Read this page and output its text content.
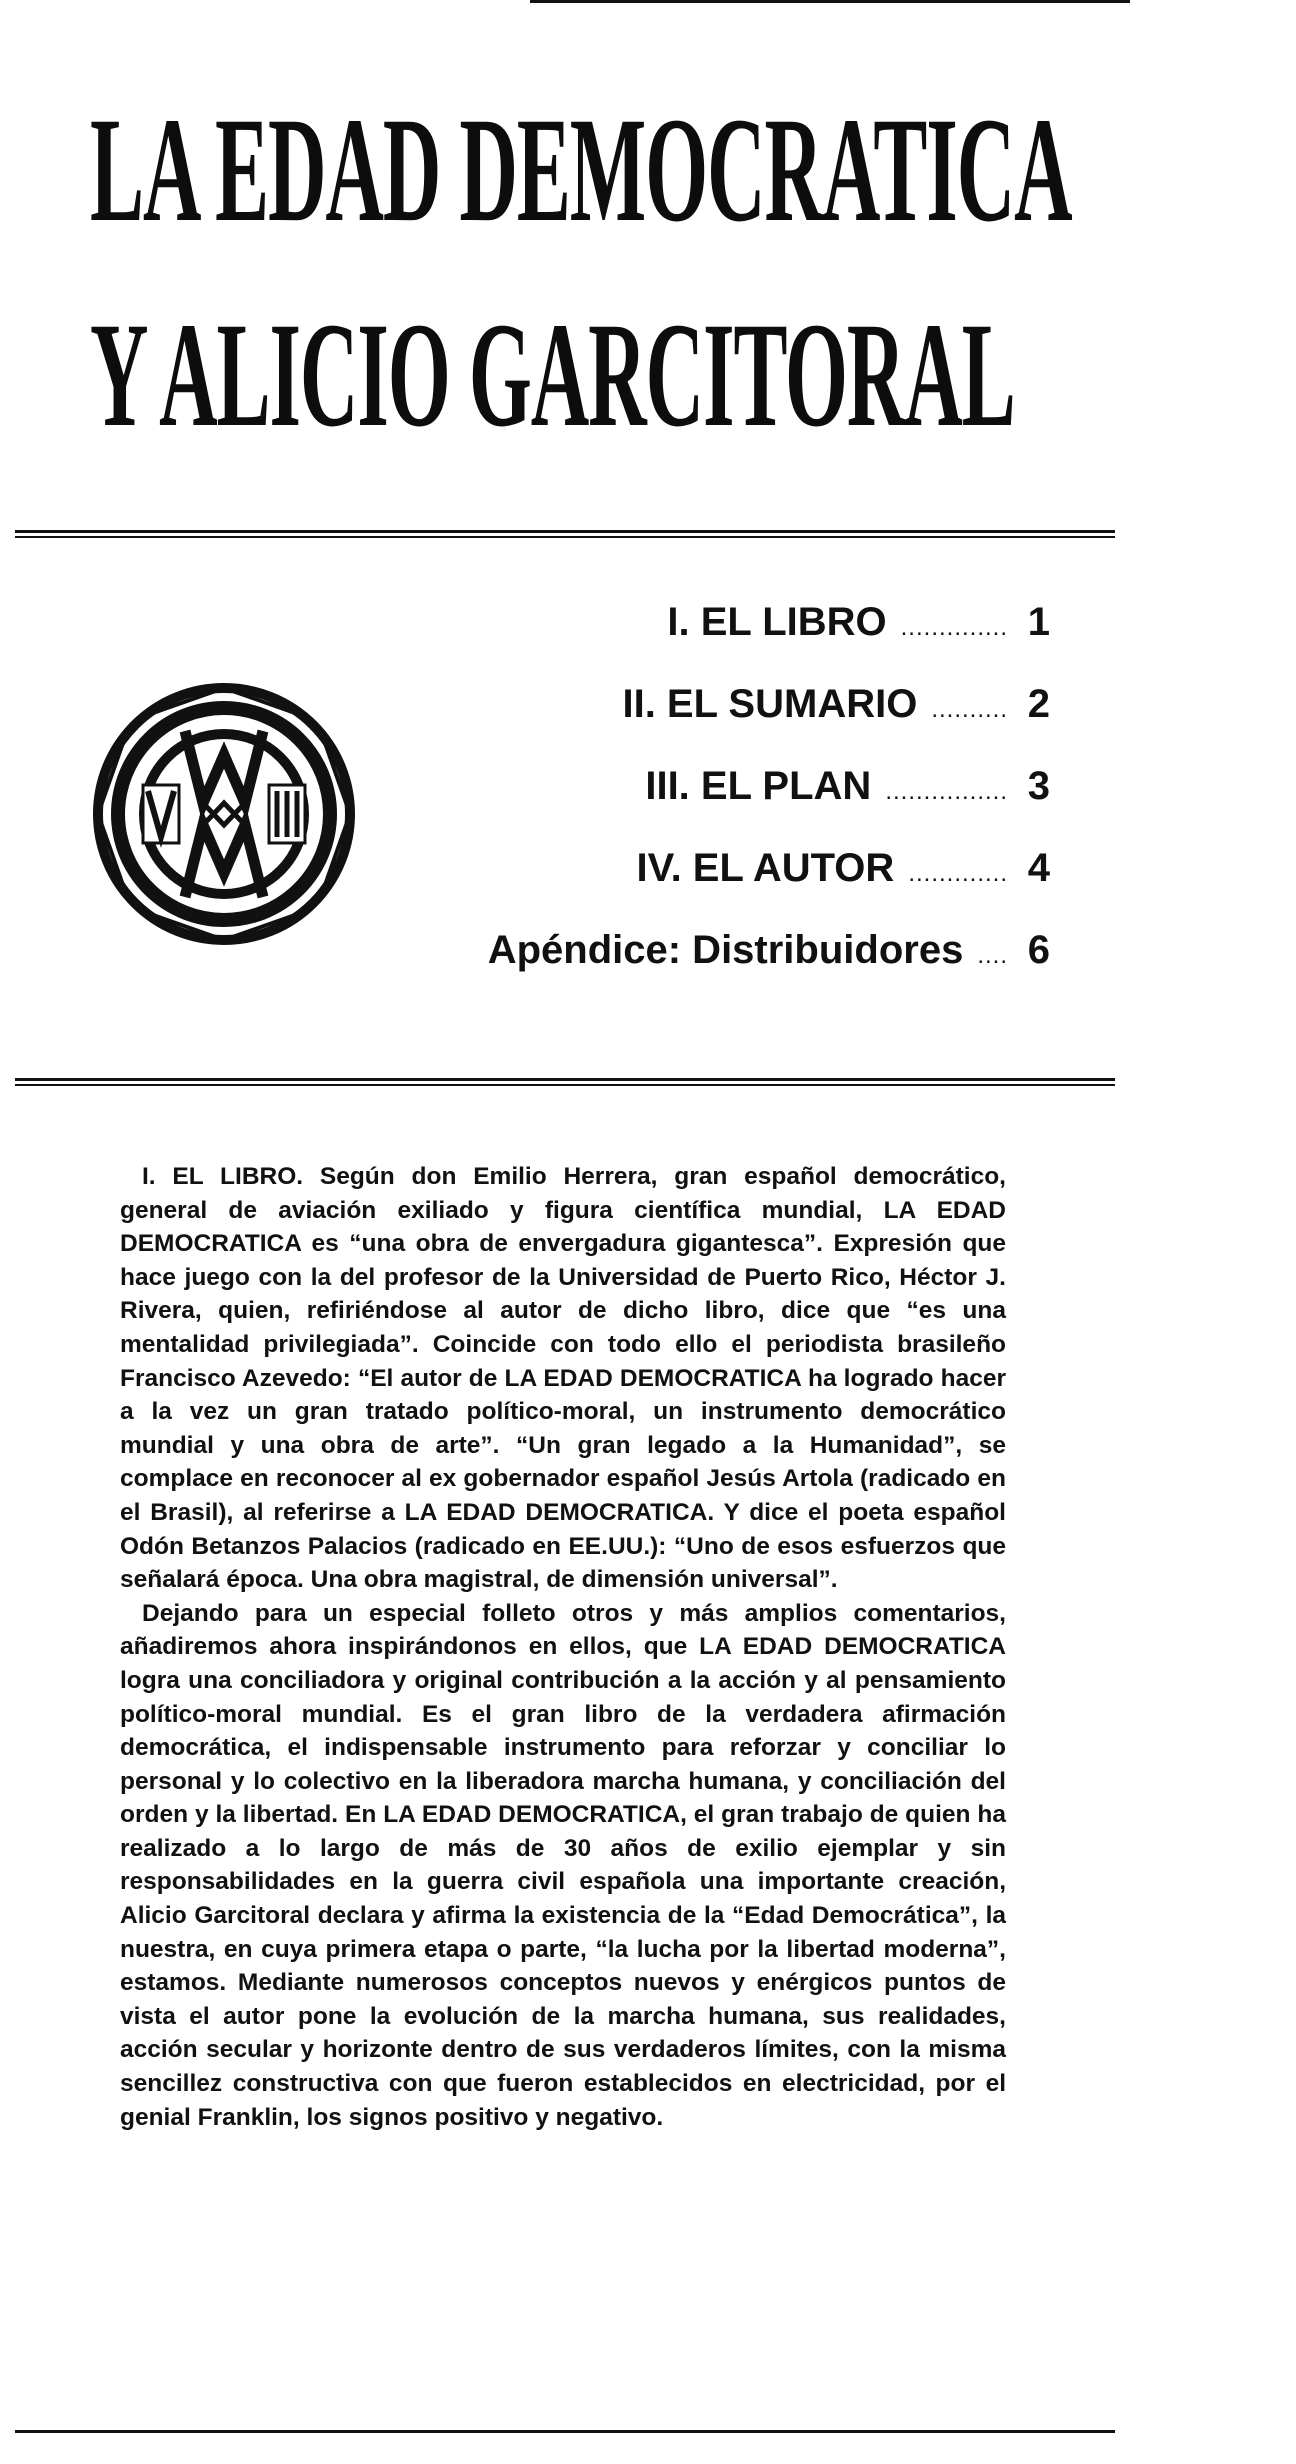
LA EDAD DEMOCRATICA
Y ALICIO GARCITORAL
I. EL LIBRO .............. 1
II. EL SUMARIO .......... 2
III. EL PLAN ................ 3
IV. EL AUTOR ............. 4
Apéndice: Distribuidores .... 6

I. EL LIBRO. Según don Emilio Herrera, gran español democrático, general de aviación exiliado y figura científica mundial, LA EDAD DEMOCRATICA es “una obra de envergadura gigantesca”. Expresión que hace juego con la del profesor de la Universidad de Puerto Rico, Héctor J. Rivera, quien, refiriéndose al autor de dicho libro, dice que “es una mentalidad privilegiada”. Coincide con todo ello el periodista brasileño Francisco Azevedo: “El autor de LA EDAD DEMOCRATICA ha logrado hacer a la vez un gran tratado político-moral, un instrumento democrático mundial y una obra de arte”. “Un gran legado a la Humanidad”, se complace en reconocer al ex gobernador español Jesús Artola (radicado en el Brasil), al referirse a LA EDAD DEMOCRATICA. Y dice el poeta español Odón Betanzos Palacios (radicado en EE.UU.): “Uno de esos esfuerzos que señalará época. Una obra magistral, de dimensión universal”.

Dejando para un especial folleto otros y más amplios comentarios, añadiremos ahora inspirándonos en ellos, que LA EDAD DEMOCRATICA logra una conciliadora y original contribución a la acción y al pensamiento político-moral mundial. Es el gran libro de la verdadera afirmación democrática, el indispensable instrumento para reforzar y conciliar lo personal y lo colectivo en la liberadora marcha humana, y conciliación del orden y la libertad. En LA EDAD DEMOCRATICA, el gran trabajo de quien ha realizado a lo largo de más de 30 años de exilio ejemplar y sin responsabilidades en la guerra civil española una importante creación, Alicio Garcitoral declara y afirma la existencia de la “Edad Democrática”, la nuestra, en cuya primera etapa o parte, “la lucha por la libertad moderna”, estamos. Mediante numerosos conceptos nuevos y enérgicos puntos de vista el autor pone la evolución de la marcha humana, sus realidades, acción secular y horizonte dentro de sus verdaderos límites, con la misma sencillez constructiva con que fueron establecidos en electricidad, por el genial Franklin, los signos positivo y negativo.
